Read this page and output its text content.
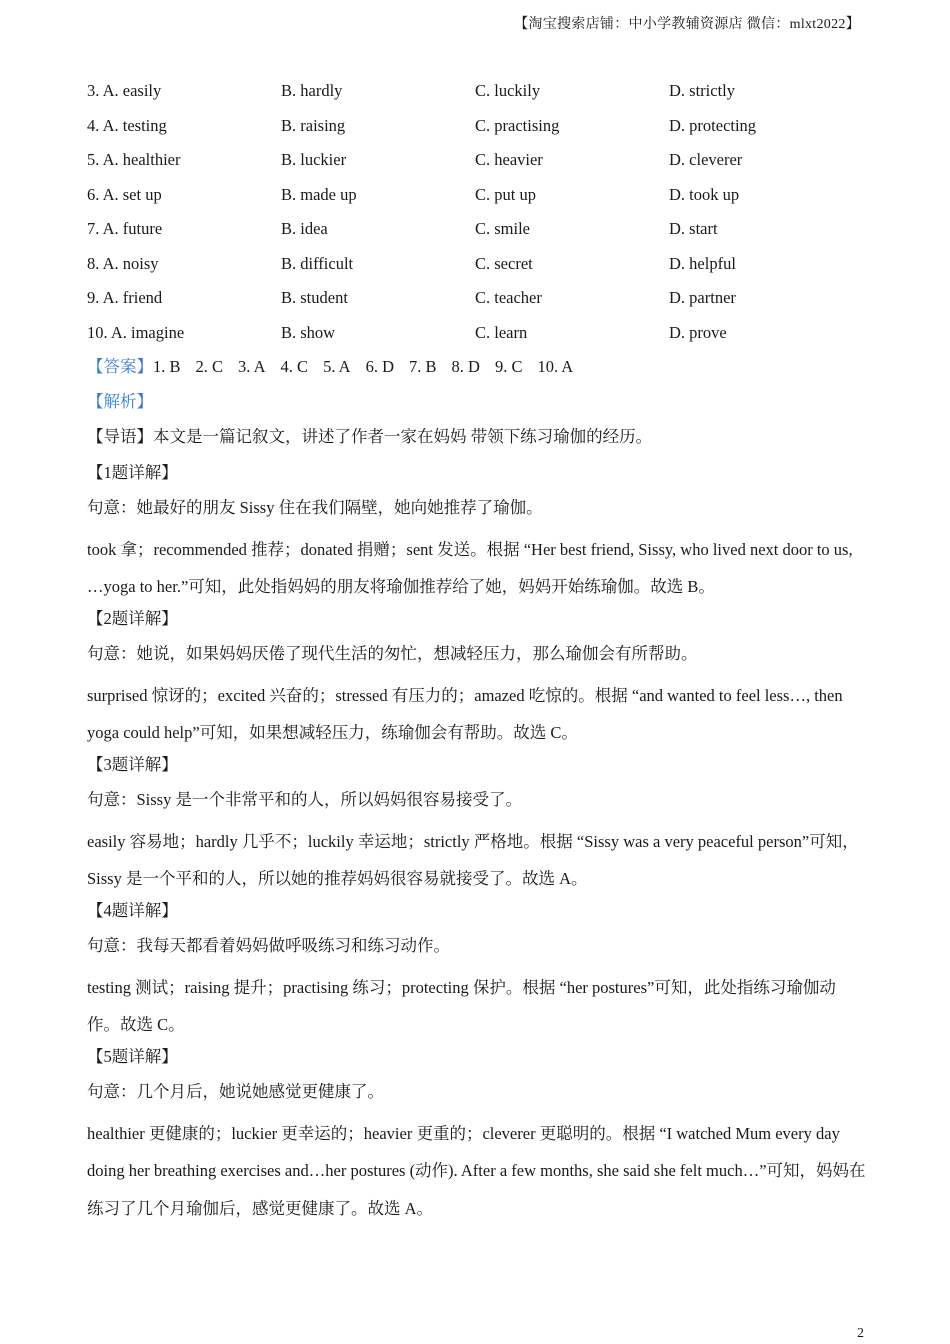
【淘宝搜索店铺：中小学教辅资源店 微信：mlxt2022】
3. A. easily	B. hardly	C. luckily	D. strictly
4. A. testing	B. raising	C. practising	D. protecting
5. A. healthier	B. luckier	C. heavier	D. cleverer
6. A. set up	B. made up	C. put up	D. took up
7. A. future	B. idea	C. smile	D. start
8. A. noisy	B. difficult	C. secret	D. helpful
9. A. friend	B. student	C. teacher	D. partner
10. A. imagine	B. show	C. learn	D. prove
【答案】1. B 2. C 3. A 4. C 5. A 6. D 7. B 8. D 9. C 10. A
【解析】
【导语】本文是一篇记叙文，讲述了作者一家在妈妈 带领下练习瑜伽的经历。
【1题详解】
句意：她最好的朋友 Sissy 住在我们隔壁，她向她推荐了瑜伽。

took 拿；recommended 推荐；donated 捐赠；sent 发送。根据 “Her best friend, Sissy, who lived next door to us, …yoga to her.”可知，此处指妈妈的朋友将瑜伽推荐给了她，妈妈开始练瑜伽。故选 B。

【2题详解】
句意：她说，如果妈妈厌倦了现代生活的匆忙，想减轻压力，那么瑜伽会有所帮助。

surprised 惊讶的；excited 兴奋的；stressed 有压力的；amazed 吃惊的。根据 “and wanted to feel less…, then yoga could help”可知，如果想减轻压力，练瑜伽会有帮助。故选 C。

【3题详解】
句意：Sissy 是一个非常平和的人，所以妈妈很容易接受了。

easily 容易地；hardly 几乎不；luckily 幸运地；strictly 严格地。根据 “Sissy was a very peaceful person”可知，Sissy 是一个平和的人，所以她的推荐妈妈很容易就接受了。故选 A。

【4题详解】
句意：我每天都看着妈妈做呼吸练习和练习动作。

testing 测试；raising 提升；practising 练习；protecting 保护。根据 “her postures”可知，此处指练习瑜伽动作。故选 C。

【5题详解】
句意：几个月后，她说她感觉更健康了。

healthier 更健康的；luckier 更幸运的；heavier 更重的；cleverer 更聪明的。根据 “I watched Mum every day doing her breathing exercises and…her postures (动作). After a few months, she said she felt much…”可知，妈妈在练习了几个月瑜伽后，感觉更健康了。故选 A。

2
